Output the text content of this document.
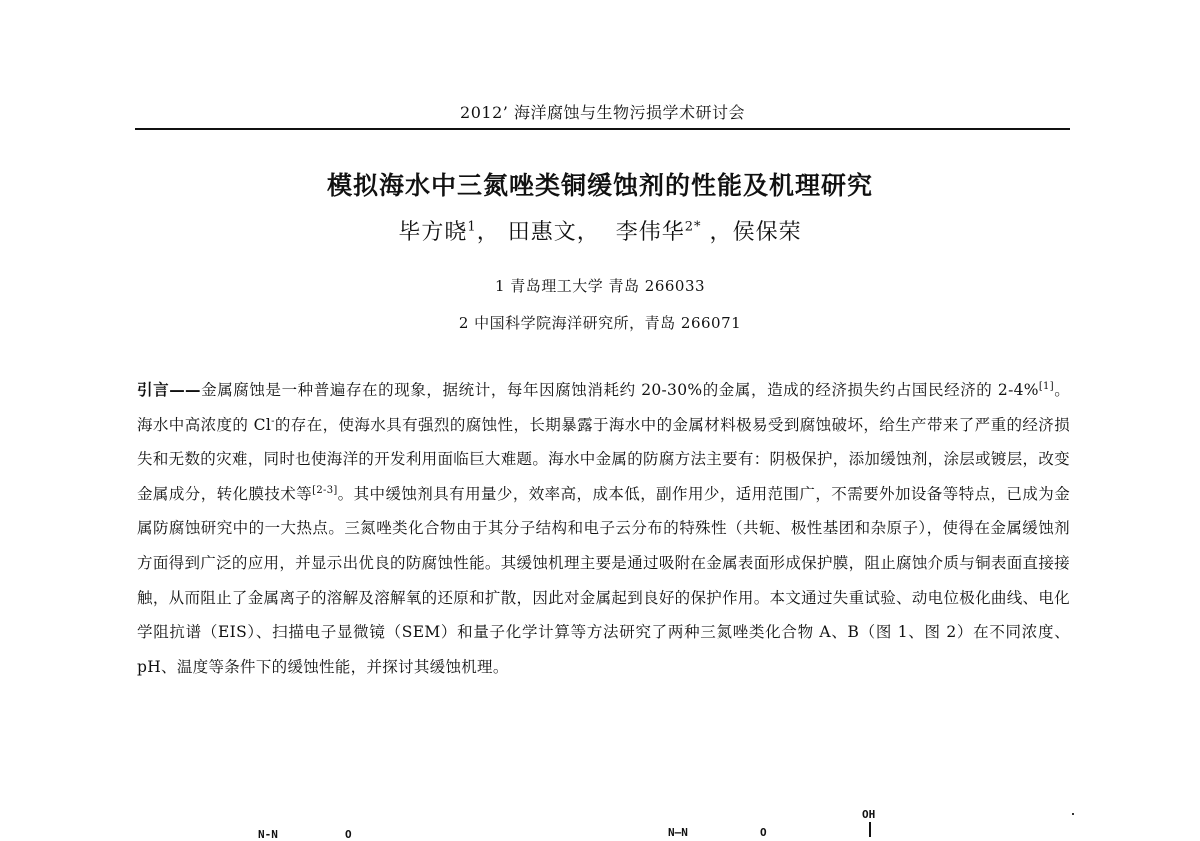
2012’ 海洋腐蚀与生物污损学术研讨会
模拟海水中三氮唑类铜缓蚀剂的性能及机理研究
毕方晓$^1$， 田惠文， 李伟华$^{2*}$ ，侯保荣
1 青岛理工大学 青岛 266033
2 中国科学院海洋研究所，青岛 266071
引言——金属腐蚀是一种普遍存在的现象，据统计，每年因腐蚀消耗约 20-30%的金属，造成的经济损失约占国民经济的 2-4%[1]。海水中高浓度的 Cl-的存在，使海水具有强烈的腐蚀性，长期暴露于海水中的金属材料极易受到腐蚀破坏，给生产带来了严重的经济损失和无数的灾难，同时也使海洋的开发利用面临巨大难题。海水中金属的防腐方法主要有：阴极保护，添加缓蚀剂，涂层或镀层，改变金属成分，转化膜技术等[2-3]。其中缓蚀剂具有用量少，效率高，成本低，副作用少，适用范围广，不需要外加设备等特点，已成为金属防腐蚀研究中的一大热点。三氮唑类化合物由于其分子结构和电子云分布的特殊性（共轭、极性基团和杂原子），使得在金属缓蚀剂方面得到广泛的应用，并显示出优良的防腐蚀性能。其缓蚀机理主要是通过吸附在金属表面形成保护膜，阻止腐蚀介质与铜表面直接接触，从而阻止了金属离子的溶解及溶解氧的还原和扩散，因此对金属起到良好的保护作用。本文通过失重试验、动电位极化曲线、电化学阻抗谱（EIS）、扫描电子显微镜（SEM）和量子化学计算等方法研究了两种三氮唑类化合物 A、B（图 1、图 2）在不同浓度、pH、温度等条件下的缓蚀性能，并探讨其缓蚀机理。
N-N	O	N—N	O
OH
